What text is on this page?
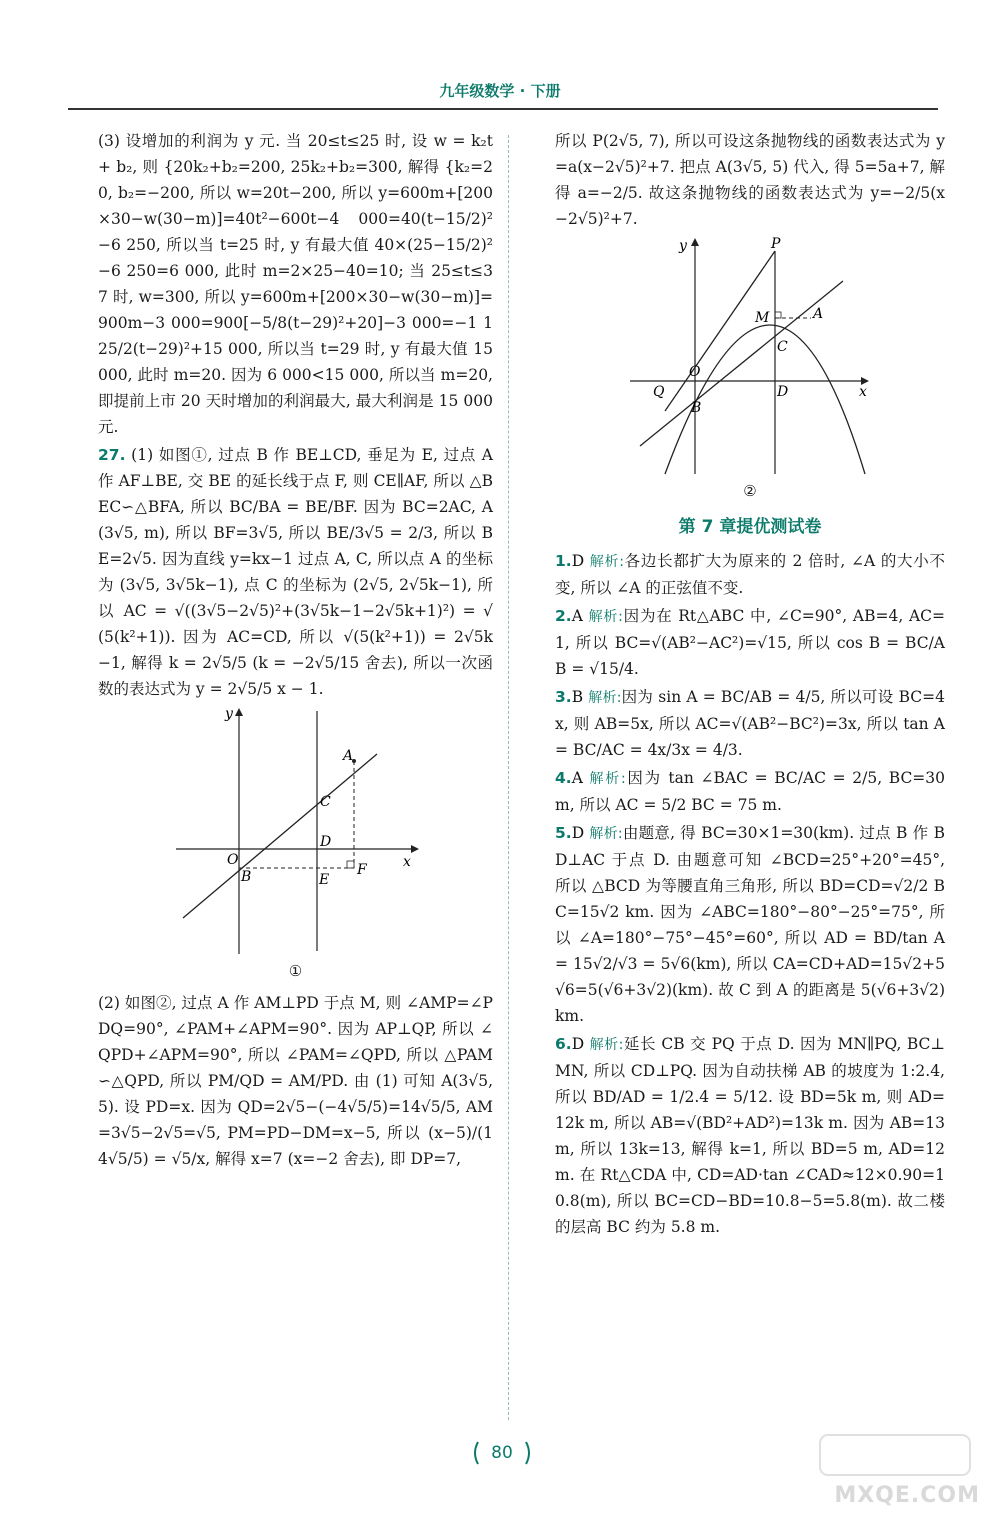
九年级数学 · 下册

(3) 设增加的利润为 y 元. 当 20≤t≤25 时, 设 w = k₂t + b₂, 则 {20k₂+b₂=200, 25k₂+b₂=300, 解得 {k₂=20, b₂=−200, 所以 w=20t−200, 所以 y=600m+[200×30−w(30−m)]=40t²−600t−4 000=40(t−15/2)²−6 250, 所以当 t=25 时, y 有最大值 40×(25−15/2)²−6 250=6 000, 此时 m=2×25−40=10; 当 25≤t≤37 时, w=300, 所以 y=600m+[200×30−w(30−m)]=900m−3 000=900[−5/8(t−29)²+20]−3 000=−1 125/2(t−29)²+15 000, 所以当 t=29 时, y 有最大值 15 000, 此时 m=20. 因为 6 000<15 000, 所以当 m=20, 即提前上市 20 天时增加的利润最大, 最大利润是 15 000 元.

27. (1) 如图①, 过点 B 作 BE⊥CD, 垂足为 E, 过点 A 作 AF⊥BE, 交 BE 的延长线于点 F, 则 CE∥AF, 所以 △BEC∽△BFA, 所以 BC/BA = BE/BF. 因为 BC=2AC, A(3√5, m), 所以 BF=3√5, 所以 BE/3√5 = 2/3, 所以 BE=2√5. 因为直线 y=kx−1 过点 A, C, 所以点 A 的坐标为 (3√5, 3√5k−1), 点 C 的坐标为 (2√5, 2√5k−1), 所以 AC = √((3√5−2√5)²+(3√5k−1−2√5k+1)²) = √(5(k²+1)). 因为 AC=CD, 所以 √(5(k²+1)) = 2√5k−1, 解得 k = 2√5/5 (k = −2√5/15 舍去), 所以一次函数的表达式为 y = 2√5/5 x − 1.

y
x
O
A
C
D
B	E
F
①

(2) 如图②, 过点 A 作 AM⊥PD 于点 M, 则 ∠AMP=∠PDQ=90°, ∠PAM+∠APM=90°. 因为 AP⊥QP, 所以 ∠QPD+∠APM=90°, 所以 ∠PAM=∠QPD, 所以 △PAM∽△QPD, 所以 PM/QD = AM/PD. 由 (1) 可知 A(3√5, 5). 设 PD=x. 因为 QD=2√5−(−4√5/5)=14√5/5, AM=3√5−2√5=√5, PM=PD−DM=x−5, 所以 (x−5)/(14√5/5) = √5/x, 解得 x=7 (x=−2 舍去), 即 DP=7,

所以 P(2√5, 7), 所以可设这条抛物线的函数表达式为 y=a(x−2√5)²+7. 把点 A(3√5, 5) 代入, 得 5=5a+7, 解得 a=−2/5. 故这条抛物线的函数表达式为 y=−2/5(x−2√5)²+7.

y
x
P
M	A
C
O
Q
B
D
②
第 7 章提优测试卷

1.D 解析:各边长都扩大为原来的 2 倍时, ∠A 的大小不变, 所以 ∠A 的正弦值不变.

2.A 解析:因为在 Rt△ABC 中, ∠C=90°, AB=4, AC=1, 所以 BC=√(AB²−AC²)=√15, 所以 cos B = BC/AB = √15/4.

3.B 解析:因为 sin A = BC/AB = 4/5, 所以可设 BC=4x, 则 AB=5x, 所以 AC=√(AB²−BC²)=3x, 所以 tan A = BC/AC = 4x/3x = 4/3.

4.A 解析:因为 tan ∠BAC = BC/AC = 2/5, BC=30 m, 所以 AC = 5/2 BC = 75 m.

5.D 解析:由题意, 得 BC=30×1=30(km). 过点 B 作 BD⊥AC 于点 D. 由题意可知 ∠BCD=25°+20°=45°, 所以 △BCD 为等腰直角三角形, 所以 BD=CD=√2/2 BC=15√2 km. 因为 ∠ABC=180°−80°−25°=75°, 所以 ∠A=180°−75°−45°=60°, 所以 AD = BD/tan A = 15√2/√3 = 5√6(km), 所以 CA=CD+AD=15√2+5√6=5(√6+3√2)(km). 故 C 到 A 的距离是 5(√6+3√2)km.

6.D 解析:延长 CB 交 PQ 于点 D. 因为 MN∥PQ, BC⊥MN, 所以 CD⊥PQ. 因为自动扶梯 AB 的坡度为 1:2.4, 所以 BD/AD = 1/2.4 = 5/12. 设 BD=5k m, 则 AD=12k m, 所以 AB=√(BD²+AD²)=13k m. 因为 AB=13 m, 所以 13k=13, 解得 k=1, 所以 BD=5 m, AD=12 m. 在 Rt△CDA 中, CD=AD·tan ∠CAD≈12×0.90=10.8(m), 所以 BC=CD−BD=10.8−5=5.8(m). 故二楼的层高 BC 约为 5.8 m.

80
MXQE.COM
